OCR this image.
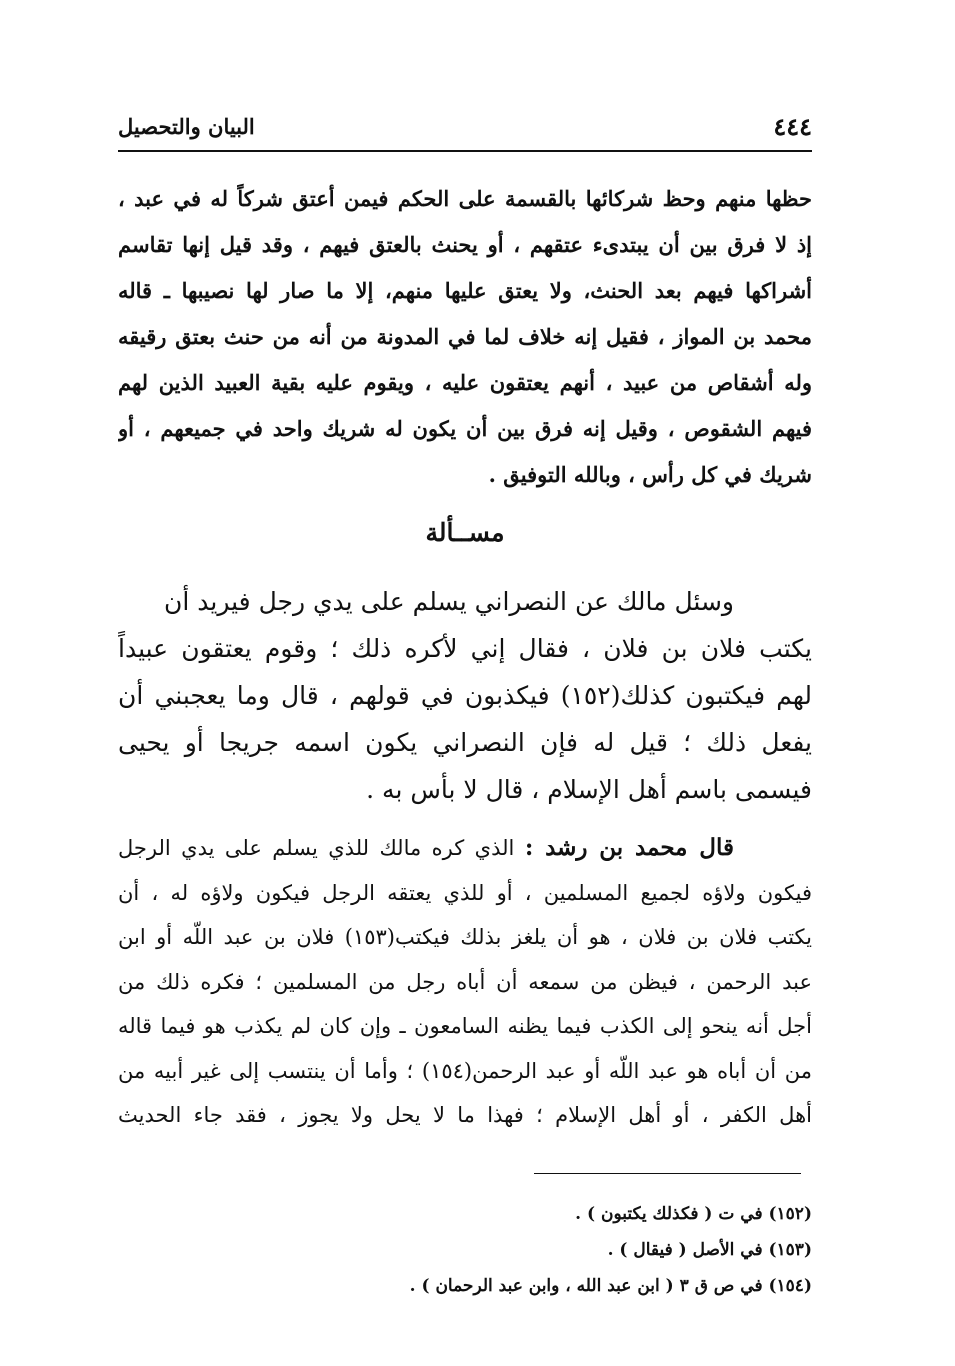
٤٤٤
البيان والتحصيل
حظها منهم وحظ شركائها بالقسمة على الحكم فيمن أعتق شركاً له في عبد ،
إذ لا فرق بين أن يبتدىء عتقهم ، أو يحنث بالعتق فيهم ، وقد قيل إنها تقاسم
أشراكها فيهم بعد الحنث، ولا يعتق عليها منهم، إلا ما صار لها نصيبها ـ قاله
محمد بن المواز ، فقيل إنه خلاف لما في المدونة من أنه من حنث بعتق رقيقه
وله أشقاص من عبيد ، أنهم يعتقون عليه ، ويقوم عليه بقية العبيد الذين لهم
فيهم الشقوص ، وقيل إنه فرق بين أن يكون له شريك واحد في جميعهم ، أو
شريك في كل رأس ، وبالله التوفيق .
مســألة
وسئل مالك عن النصراني يسلم على يدي رجل فيريد أن
يكتب فلان بن فلان ، فقال إني لأكره ذلك ؛ وقوم يعتقون عبيداً
لهم فيكتبون كذلك(١٥٢) فيكذبون في قولهم ، قال وما يعجبني أن
يفعل ذلك ؛ قيل له فإن النصراني يكون اسمه جريجا أو يحيى
فيسمى باسم أهل الإسلام ، قال لا بأس به .
قال محمد بن رشد : الذي كره مالك للذي يسلم على يدي الرجل
فيكون ولاؤه لجميع المسلمين ، أو للذي يعتقه الرجل فيكون ولاؤه له ، أن
يكتب فلان بن فلان ، هو أن يلغز بذلك فيكتب(١٥٣) فلان بن عبد اللّه أو ابن
عبد الرحمن ، فيظن من سمعه أن أباه رجل من المسلمين ؛ فكره ذلك من
أجل أنه ينحو إلى الكذب فيما يظنه السامعون ـ وإن كان لم يكذب هو فيما قاله
من أن أباه هو عبد اللّه أو عبد الرحمن(١٥٤) ؛ وأما أن ينتسب إلى غير أبيه من
أهل الكفر ، أو أهل الإسلام ؛ فهذا ما لا يحل ولا يجوز ، فقد جاء الحديث
(١٥٢) في ت ( فكذلك يكتبون ) .
(١٥٣) في الأصل ( فيقال ) .
(١٥٤) في ص ق ٣ ( ابن عبد الله ، وابن عبد الرحمان ) .
